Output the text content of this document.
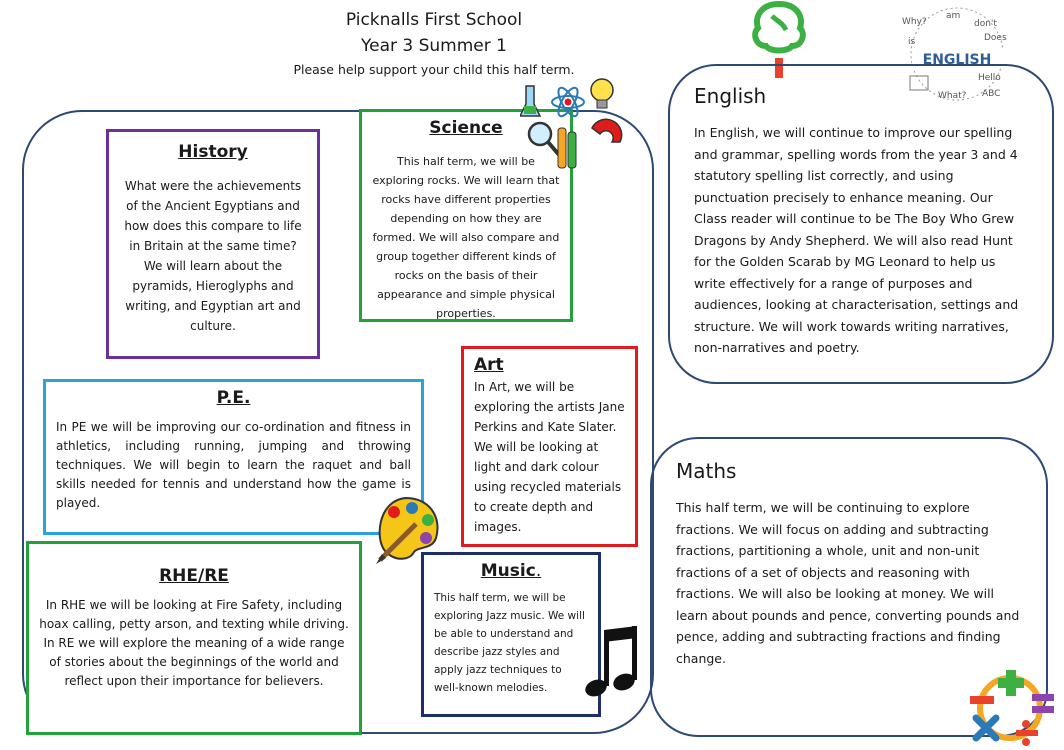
Picknalls First School
Year 3 Summer 1
Please help support your child this half term.
Why?
am
don't
Does
is
ENGLISH
Hello
ABC
What?
History

What were the achievements of the Ancient Egyptians and how does this compare to life in Britain at the same time? We will learn about the pyramids, Hieroglyphs and writing, and Egyptian art and culture.

Science

This half term, we will be exploring rocks. We will learn that rocks have different properties depending on how they are formed. We will also compare and group together different kinds of rocks on the basis of their appearance and simple physical properties.

Art

In Art, we will be exploring the artists Jane Perkins and Kate Slater. We will be looking at light and dark colour using recycled materials to create depth and images.

P.E.

In PE we will be improving our co-ordination and fitness in athletics, including running, jumping and throwing techniques. We will begin to learn the raquet and ball skills needed for tennis and understand how the game is played.

RHE/RE

In RHE we will be looking at Fire Safety, including hoax calling, petty arson, and texting while driving. In RE we will explore the meaning of a wide range of stories about the beginnings of the world and reflect upon their importance for believers.

Music.

This half term, we will be exploring Jazz music. We will be able to understand and describe jazz styles and apply jazz techniques to well-known melodies.

English

In English, we will continue to improve our spelling and grammar, spelling words from the year 3 and 4 statutory spelling list correctly, and using punctuation precisely to enhance meaning. Our Class reader will continue to be The Boy Who Grew Dragons by Andy Shepherd. We will also read Hunt for the Golden Scarab by MG Leonard to help us write effectively for a range of purposes and audiences, looking at characterisation, settings and structure. We will work towards writing narratives, non-narratives and poetry.

Maths

This half term, we will be continuing to explore fractions. We will focus on adding and subtracting fractions, partitioning a whole, unit and non-unit fractions of a set of objects and reasoning with fractions. We will also be looking at money. We will learn about pounds and pence, converting pounds and pence, adding and subtracting fractions and finding change.
